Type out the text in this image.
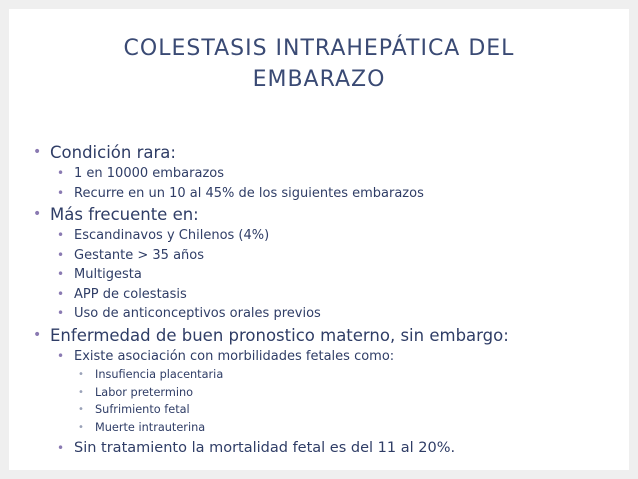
COLESTASIS INTRAHEPÁTICA DEL
EMBARAZO
• Condición rara:
• 1 en 10000 embarazos
• Recurre en un 10 al 45% de los siguientes embarazos
• Más frecuente en:
• Escandinavos y Chilenos (4%)
• Gestante > 35 años
• Multigesta
• APP de colestasis
• Uso de anticonceptivos orales previos
• Enfermedad de buen pronostico materno, sin embargo:
• Existe asociación con morbilidades fetales como:
• Insufiencia placentaria
• Labor pretermino
• Sufrimiento fetal
• Muerte intrauterina
• Sin tratamiento la mortalidad fetal es del 11 al 20%.
